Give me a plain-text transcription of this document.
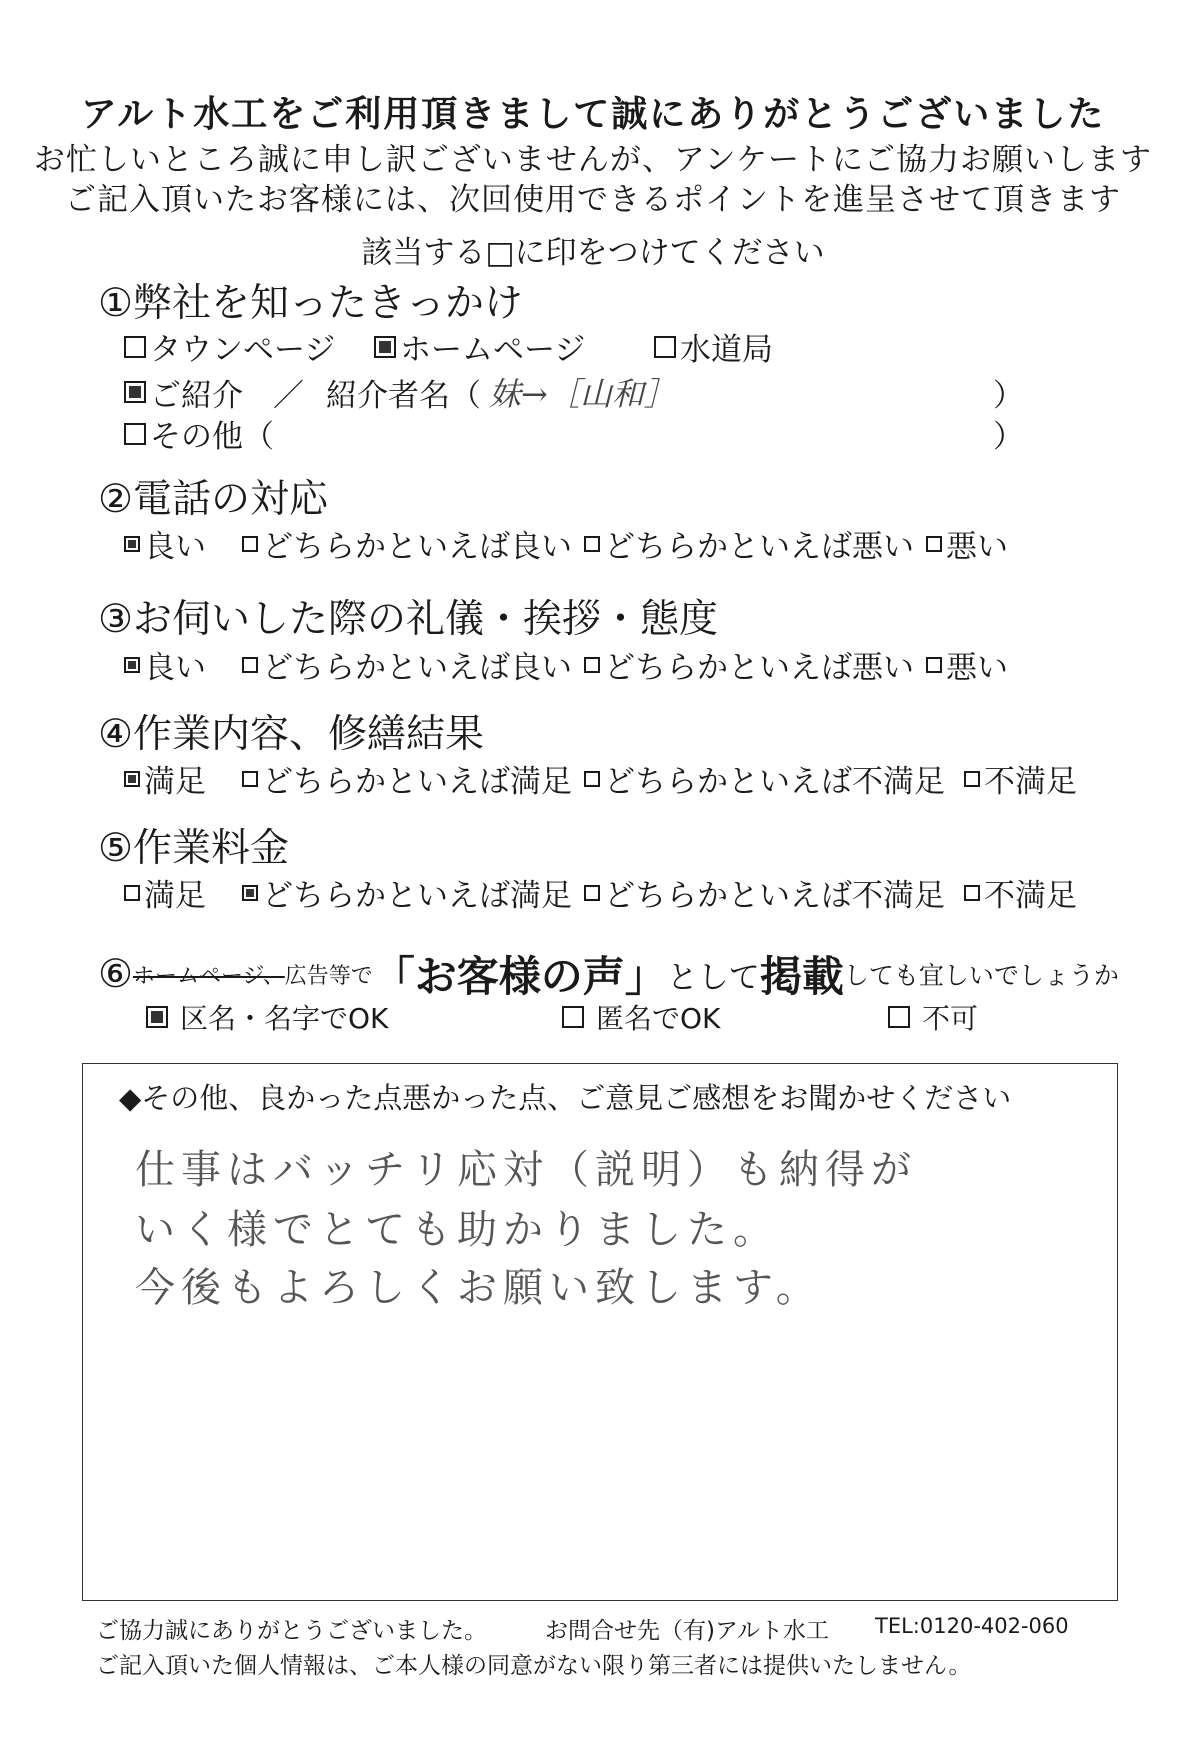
アルト水工をご利用頂きまして誠にありがとうございました
お忙しいところ誠に申し訳ございませんが、アンケートにご協力お願いします
ご記入頂いたお客様には、次回使用できるポイントを進呈させて頂きます
該当する□に印をつけてください
①弊社を知ったきっかけ
タウンページ ホームページ	水道局
ご紹介 ／ 紹介者名（ 妹→［山和］	）
その他（	）
②電話の対応
良い どちらかといえば良い どちらかといえば悪い 悪い
③お伺いした際の礼儀・挨拶・態度
良い どちらかといえば良い どちらかといえば悪い 悪い
④作業内容、修繕結果
満足 どちらかといえば満足 どちらかといえば不満足 不満足
⑤作業料金
満足 どちらかといえば満足 どちらかといえば不満足 不満足
⑥ ホームページ、 広告等で 「お客様の声」 として 掲載 しても宜しいでしょうか
区名・名字でOK	匿名でOK	不可
◆その他、良かった点悪かった点、ご意見ご感想をお聞かせください
仕事はバッチリ応対（説明）も納得が
いく様でとても助かりました。
今後もよろしくお願い致します。
ご協力誠にありがとうございました。	お問合せ先（有)アルト水工 TEL:0120-402-060
ご記入頂いた個人情報は、ご本人様の同意がない限り第三者には提供いたしません。
